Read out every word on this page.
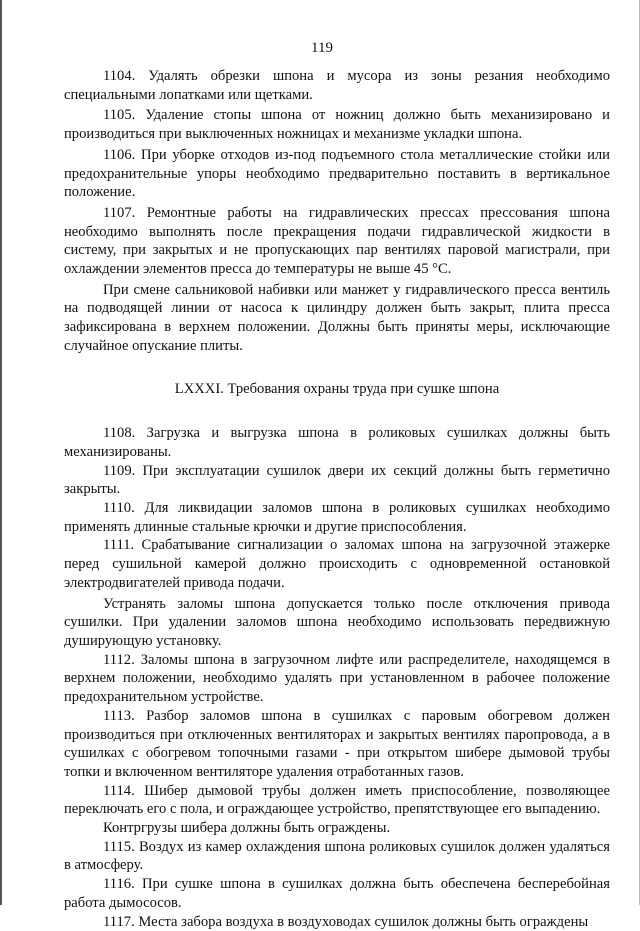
119

1104. Удалять обрезки шпона и мусора из зоны резания необходимо специальными лопатками или щетками.

1105. Удаление стопы шпона от ножниц должно быть механизировано и производиться при выключенных ножницах и механизме укладки шпона.

1106. При уборке отходов из-под подъемного стола металлические стойки или предохранительные упоры необходимо предварительно поставить в вертикальное положение.

1107. Ремонтные работы на гидравлических прессах прессования шпона необходимо выполнять после прекращения подачи гидравлической жидкости в систему, при закрытых и не пропускающих пар вентилях паровой магистрали, при охлаждении элементов пресса до температуры не выше 45 °С.

При смене сальниковой набивки или манжет у гидравлического пресса вентиль на подводящей линии от насоса к цилиндру должен быть закрыт, плита пресса зафиксирована в верхнем положении. Должны быть приняты меры, исключающие случайное опускание плиты.

LXXXI. Требования охраны труда при сушке шпона

1108. Загрузка и выгрузка шпона в роликовых сушилках должны быть механизированы.

1109. При эксплуатации сушилок двери их секций должны быть герметично закрыты.

1110. Для ликвидации заломов шпона в роликовых сушилках необходимо применять длинные стальные крючки и другие приспособления.

1111. Срабатывание сигнализации о заломах шпона на загрузочной этажерке перед сушильной камерой должно происходить с одновременной остановкой электродвигателей привода подачи.

Устранять заломы шпона допускается только после отключения привода сушилки. При удалении заломов шпона необходимо использовать передвижную душирующую установку.

1112. Заломы шпона в загрузочном лифте или распределителе, находящемся в верхнем положении, необходимо удалять при установленном в рабочее положение предохранительном устройстве.

1113. Разбор заломов шпона в сушилках с паровым обогревом должен производиться при отключенных вентиляторах и закрытых вентилях паропровода, а в сушилках с обогревом топочными газами - при открытом шибере дымовой трубы топки и включенном вентиляторе удаления отработанных газов.

1114. Шибер дымовой трубы должен иметь приспособление, позволяющее переключать его с пола, и ограждающее устройство, препятствующее его выпадению.

Контргрузы шибера должны быть ограждены.

1115. Воздух из камер охлаждения шпона роликовых сушилок должен удаляться в атмосферу.

1116. При сушке шпона в сушилках должна быть обеспечена бесперебойная работа дымососов.

1117. Места забора воздуха в воздуховодах сушилок должны быть ограждены
